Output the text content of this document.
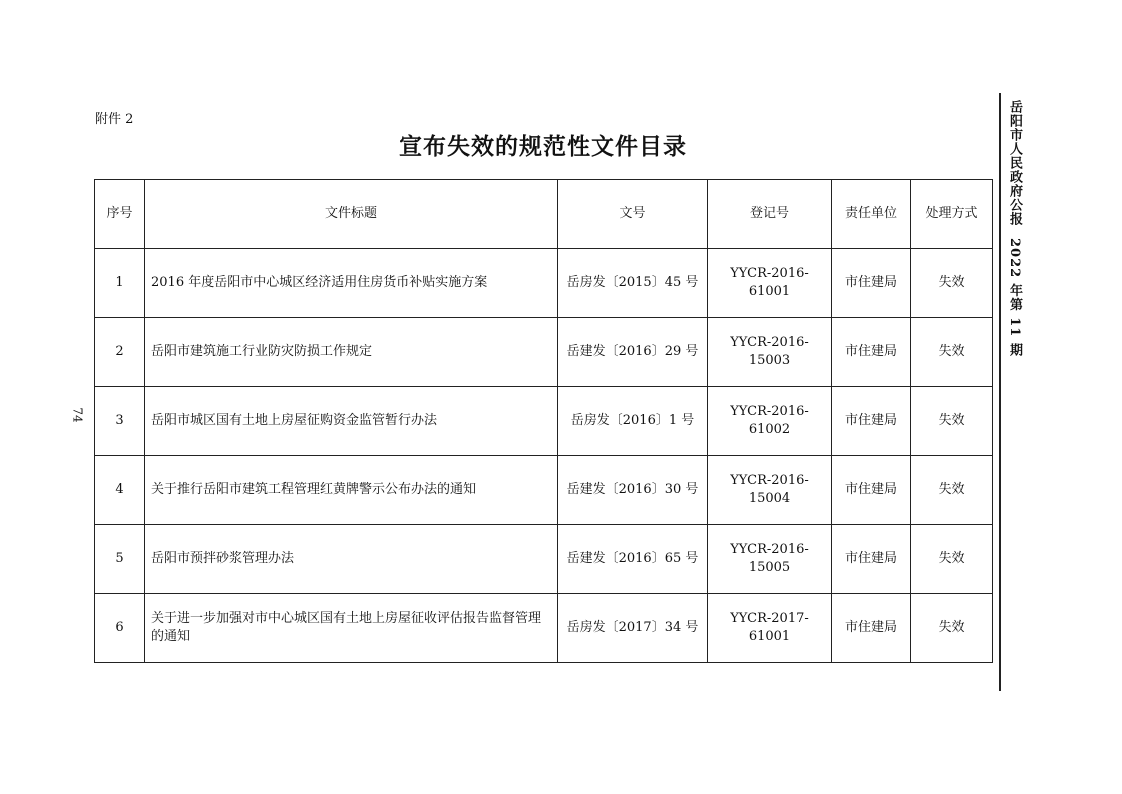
附件 2
宣布失效的规范性文件目录
74
岳阳市人民政府公报 2022 年第 11 期
序号	文件标题	文号	登记号	责任单位	处理方式
1	2016 年度岳阳市中心城区经济适用住房货币补贴实施方案	岳房发〔2015〕45 号	YYCR-2016-61001	市住建局	失效
2	岳阳市建筑施工行业防灾防损工作规定	岳建发〔2016〕29 号	YYCR-2016-15003	市住建局	失效
3	岳阳市城区国有土地上房屋征购资金监管暂行办法	岳房发〔2016〕1 号	YYCR-2016-61002	市住建局	失效
4	关于推行岳阳市建筑工程管理红黄牌警示公布办法的通知	岳建发〔2016〕30 号	YYCR-2016-15004	市住建局	失效
5	岳阳市预拌砂浆管理办法	岳建发〔2016〕65 号	YYCR-2016-15005	市住建局	失效
6	关于进一步加强对市中心城区国有土地上房屋征收评估报告监督管理的通知	岳房发〔2017〕34 号	YYCR-2017-61001	市住建局	失效
